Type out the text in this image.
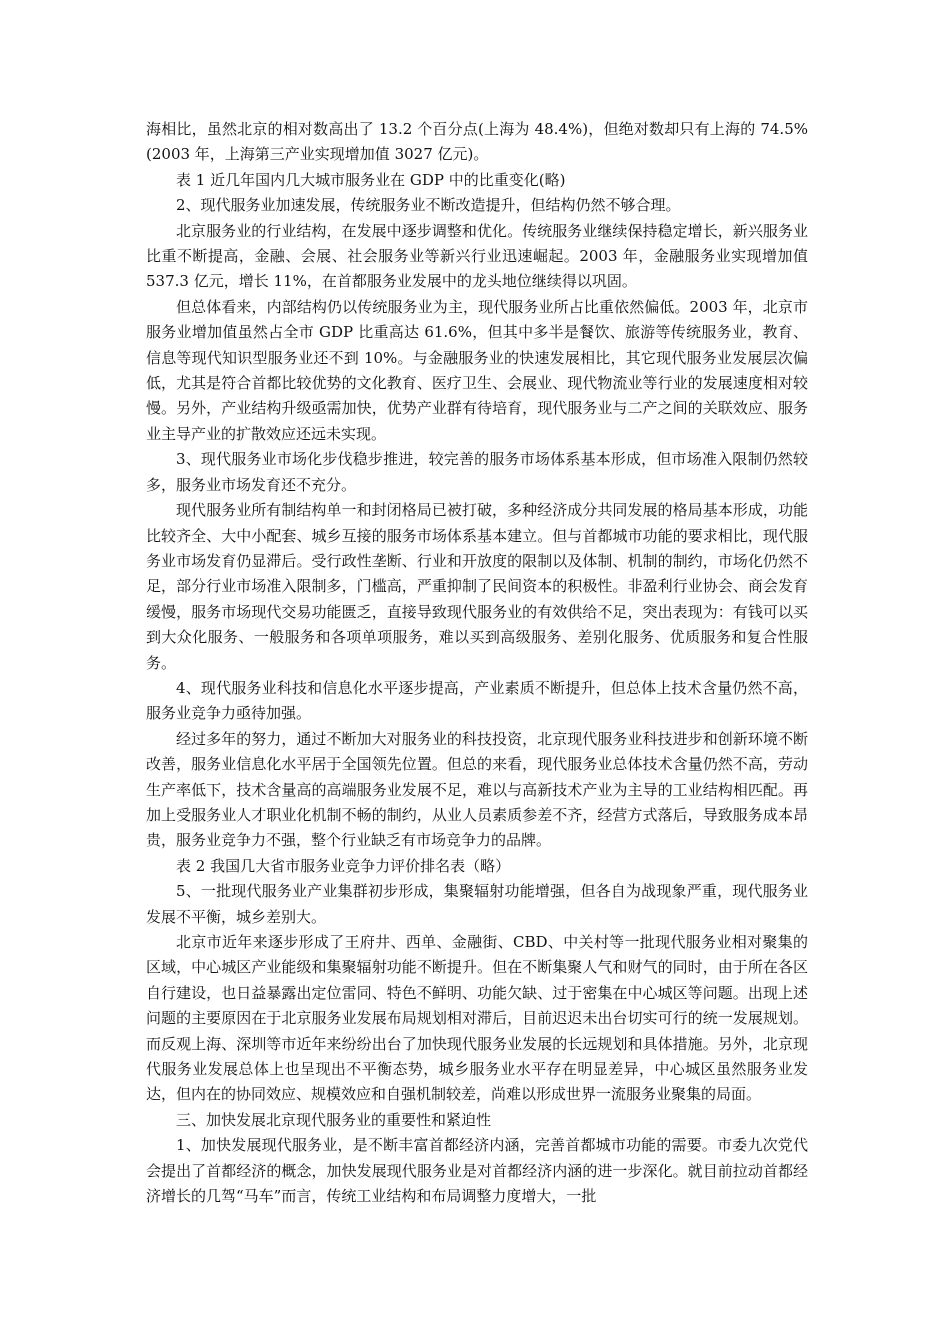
海相比，虽然北京的相对数高出了 13.2 个百分点(上海为 48.4%)，但绝对数却只有上海的 74.5%(2003 年，上海第三产业实现增加值 3027 亿元)。

表 1 近几年国内几大城市服务业在 GDP 中的比重变化(略)

2、现代服务业加速发展，传统服务业不断改造提升，但结构仍然不够合理。

北京服务业的行业结构，在发展中逐步调整和优化。传统服务业继续保持稳定增长，新兴服务业比重不断提高，金融、会展、社会服务业等新兴行业迅速崛起。2003 年，金融服务业实现增加值 537.3 亿元，增长 11%，在首都服务业发展中的龙头地位继续得以巩固。

但总体看来，内部结构仍以传统服务业为主，现代服务业所占比重依然偏低。2003 年，北京市服务业增加值虽然占全市 GDP 比重高达 61.6%，但其中多半是餐饮、旅游等传统服务业，教育、信息等现代知识型服务业还不到 10%。与金融服务业的快速发展相比，其它现代服务业发展层次偏低，尤其是符合首都比较优势的文化教育、医疗卫生、会展业、现代物流业等行业的发展速度相对较慢。另外，产业结构升级亟需加快，优势产业群有待培育，现代服务业与二产之间的关联效应、服务业主导产业的扩散效应还远未实现。

3、现代服务业市场化步伐稳步推进，较完善的服务市场体系基本形成，但市场准入限制仍然较多，服务业市场发育还不充分。

现代服务业所有制结构单一和封闭格局已被打破，多种经济成分共同发展的格局基本形成，功能比较齐全、大中小配套、城乡互接的服务市场体系基本建立。但与首都城市功能的要求相比，现代服务业市场发育仍显滞后。受行政性垄断、行业和开放度的限制以及体制、机制的制约，市场化仍然不足，部分行业市场准入限制多，门槛高，严重抑制了民间资本的积极性。非盈利行业协会、商会发育缓慢，服务市场现代交易功能匮乏，直接导致现代服务业的有效供给不足，突出表现为：有钱可以买到大众化服务、一般服务和各项单项服务，难以买到高级服务、差别化服务、优质服务和复合性服务。

4、现代服务业科技和信息化水平逐步提高，产业素质不断提升，但总体上技术含量仍然不高，服务业竞争力亟待加强。

经过多年的努力，通过不断加大对服务业的科技投资，北京现代服务业科技进步和创新环境不断改善，服务业信息化水平居于全国领先位置。但总的来看，现代服务业总体技术含量仍然不高，劳动生产率低下，技术含量高的高端服务业发展不足，难以与高新技术产业为主导的工业结构相匹配。再加上受服务业人才职业化机制不畅的制约，从业人员素质参差不齐，经营方式落后，导致服务成本昂贵，服务业竞争力不强，整个行业缺乏有市场竞争力的品牌。

表 2 我国几大省市服务业竞争力评价排名表（略）

5、一批现代服务业产业集群初步形成，集聚辐射功能增强，但各自为战现象严重，现代服务业发展不平衡，城乡差别大。

北京市近年来逐步形成了王府井、西单、金融街、CBD、中关村等一批现代服务业相对聚集的区域，中心城区产业能级和集聚辐射功能不断提升。但在不断集聚人气和财气的同时，由于所在各区自行建设，也日益暴露出定位雷同、特色不鲜明、功能欠缺、过于密集在中心城区等问题。出现上述问题的主要原因在于北京服务业发展布局规划相对滞后，目前迟迟未出台切实可行的统一发展规划。而反观上海、深圳等市近年来纷纷出台了加快现代服务业发展的长远规划和具体措施。另外，北京现代服务业发展总体上也呈现出不平衡态势，城乡服务业水平存在明显差异，中心城区虽然服务业发达，但内在的协同效应、规模效应和自强机制较差，尚难以形成世界一流服务业聚集的局面。

三、加快发展北京现代服务业的重要性和紧迫性

1、加快发展现代服务业，是不断丰富首都经济内涵，完善首都城市功能的需要。市委九次党代会提出了首都经济的概念，加快发展现代服务业是对首都经济内涵的进一步深化。就目前拉动首都经济增长的几驾“马车”而言，传统工业结构和布局调整力度增大，一批
